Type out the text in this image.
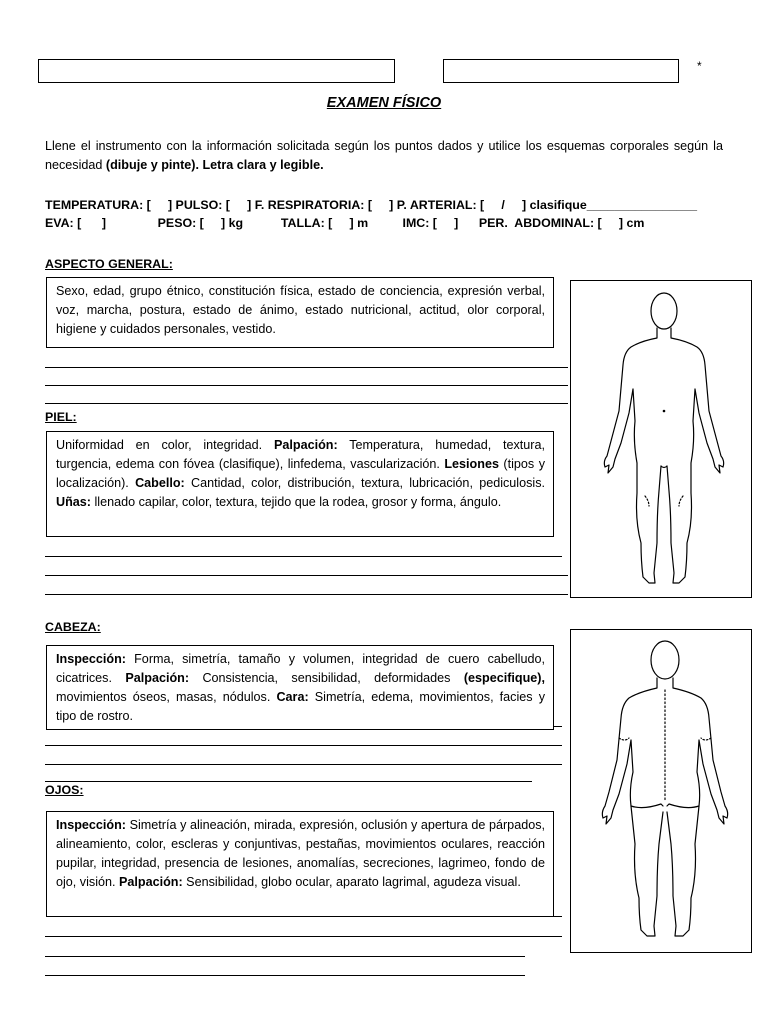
*
EXAMEN FÍSICO
Llene el instrumento con la información solicitada según los puntos dados y utilice los esquemas corporales según la necesidad (dibuje y pinte). Letra clara y legible.
TEMPERATURA: [     ] PULSO: [     ] F. RESPIRATORIA: [     ] P. ARTERIAL: [     /     ] clasifique________________
EVA: [      ]               PESO: [     ] kg           TALLA: [     ] m          IMC: [     ]      PER.  ABDOMINAL: [     ] cm
ASPECTO GENERAL:
Sexo, edad, grupo étnico, constitución física, estado de conciencia, expresión verbal, voz, marcha, postura, estado de ánimo, estado nutricional, actitud, olor corporal, higiene y cuidados personales, vestido.
PIEL:
Uniformidad en color, integridad. Palpación: Temperatura, humedad, textura, turgencia, edema con fóvea (clasifique), linfedema, vascularización. Lesiones (tipos y localización). Cabello: Cantidad, color, distribución, textura, lubricación, pediculosis. Uñas: llenado capilar, color, textura, tejido que la rodea, grosor y forma, ángulo.
CABEZA:
Inspección: Forma, simetría, tamaño y volumen, integridad de cuero cabelludo, cicatrices. Palpación: Consistencia, sensibilidad, deformidades (especifique), movimientos óseos, masas, nódulos. Cara: Simetría, edema, movimientos, facies y tipo de rostro.
OJOS:
Inspección: Simetría y alineación, mirada, expresión, oclusión y apertura de párpados, alineamiento, color, escleras y conjuntivas, pestañas, movimientos oculares, reacción pupilar, integridad, presencia de lesiones, anomalías, secreciones, lagrimeo, fondo de ojo, visión. Palpación: Sensibilidad, globo ocular, aparato lagrimal, agudeza visual.
